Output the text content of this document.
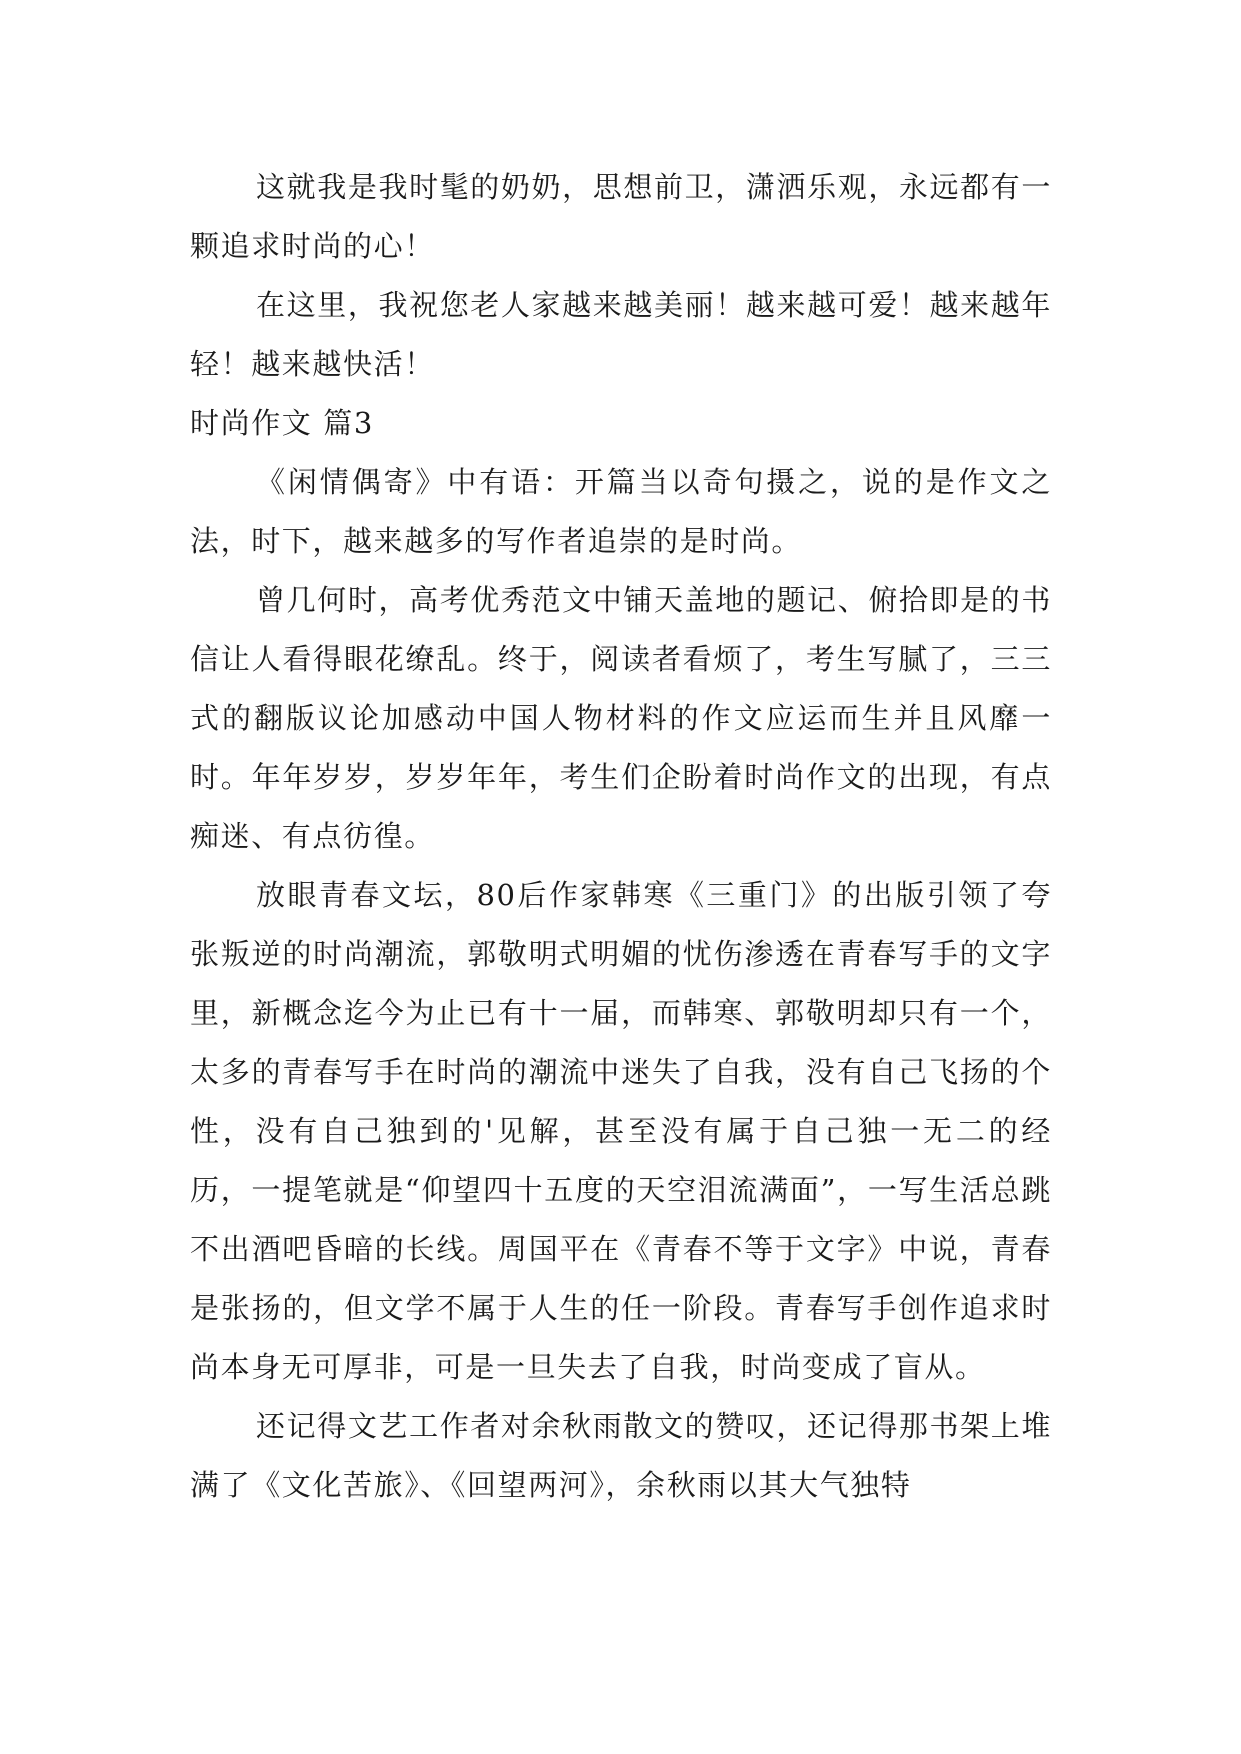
这就我是我时髦的奶奶，思想前卫，潇洒乐观，永远都有一颗追求时尚的心！

在这里，我祝您老人家越来越美丽！越来越可爱！越来越年轻！越来越快活！

时尚作文 篇3

《闲情偶寄》中有语：开篇当以奇句摄之，说的是作文之法，时下，越来越多的写作者追崇的是时尚。

曾几何时，高考优秀范文中铺天盖地的题记、俯拾即是的书信让人看得眼花缭乱。终于，阅读者看烦了，考生写腻了，三三式的翻版议论加感动中国人物材料的作文应运而生并且风靡一时。年年岁岁，岁岁年年，考生们企盼着时尚作文的出现，有点痴迷、有点彷徨。

放眼青春文坛，80后作家韩寒《三重门》的出版引领了夸张叛逆的时尚潮流，郭敬明式明媚的忧伤渗透在青春写手的文字里，新概念迄今为止已有十一届，而韩寒、郭敬明却只有一个，太多的青春写手在时尚的潮流中迷失了自我，没有自己飞扬的个性，没有自己独到的'见解，甚至没有属于自己独一无二的经历，一提笔就是“仰望四十五度的天空泪流满面”，一写生活总跳不出酒吧昏暗的长线。周国平在《青春不等于文字》中说，青春是张扬的，但文学不属于人生的任一阶段。青春写手创作追求时尚本身无可厚非，可是一旦失去了自我，时尚变成了盲从。

还记得文艺工作者对余秋雨散文的赞叹，还记得那书架上堆满了《文化苦旅》、《回望两河》，余秋雨以其大气独特
